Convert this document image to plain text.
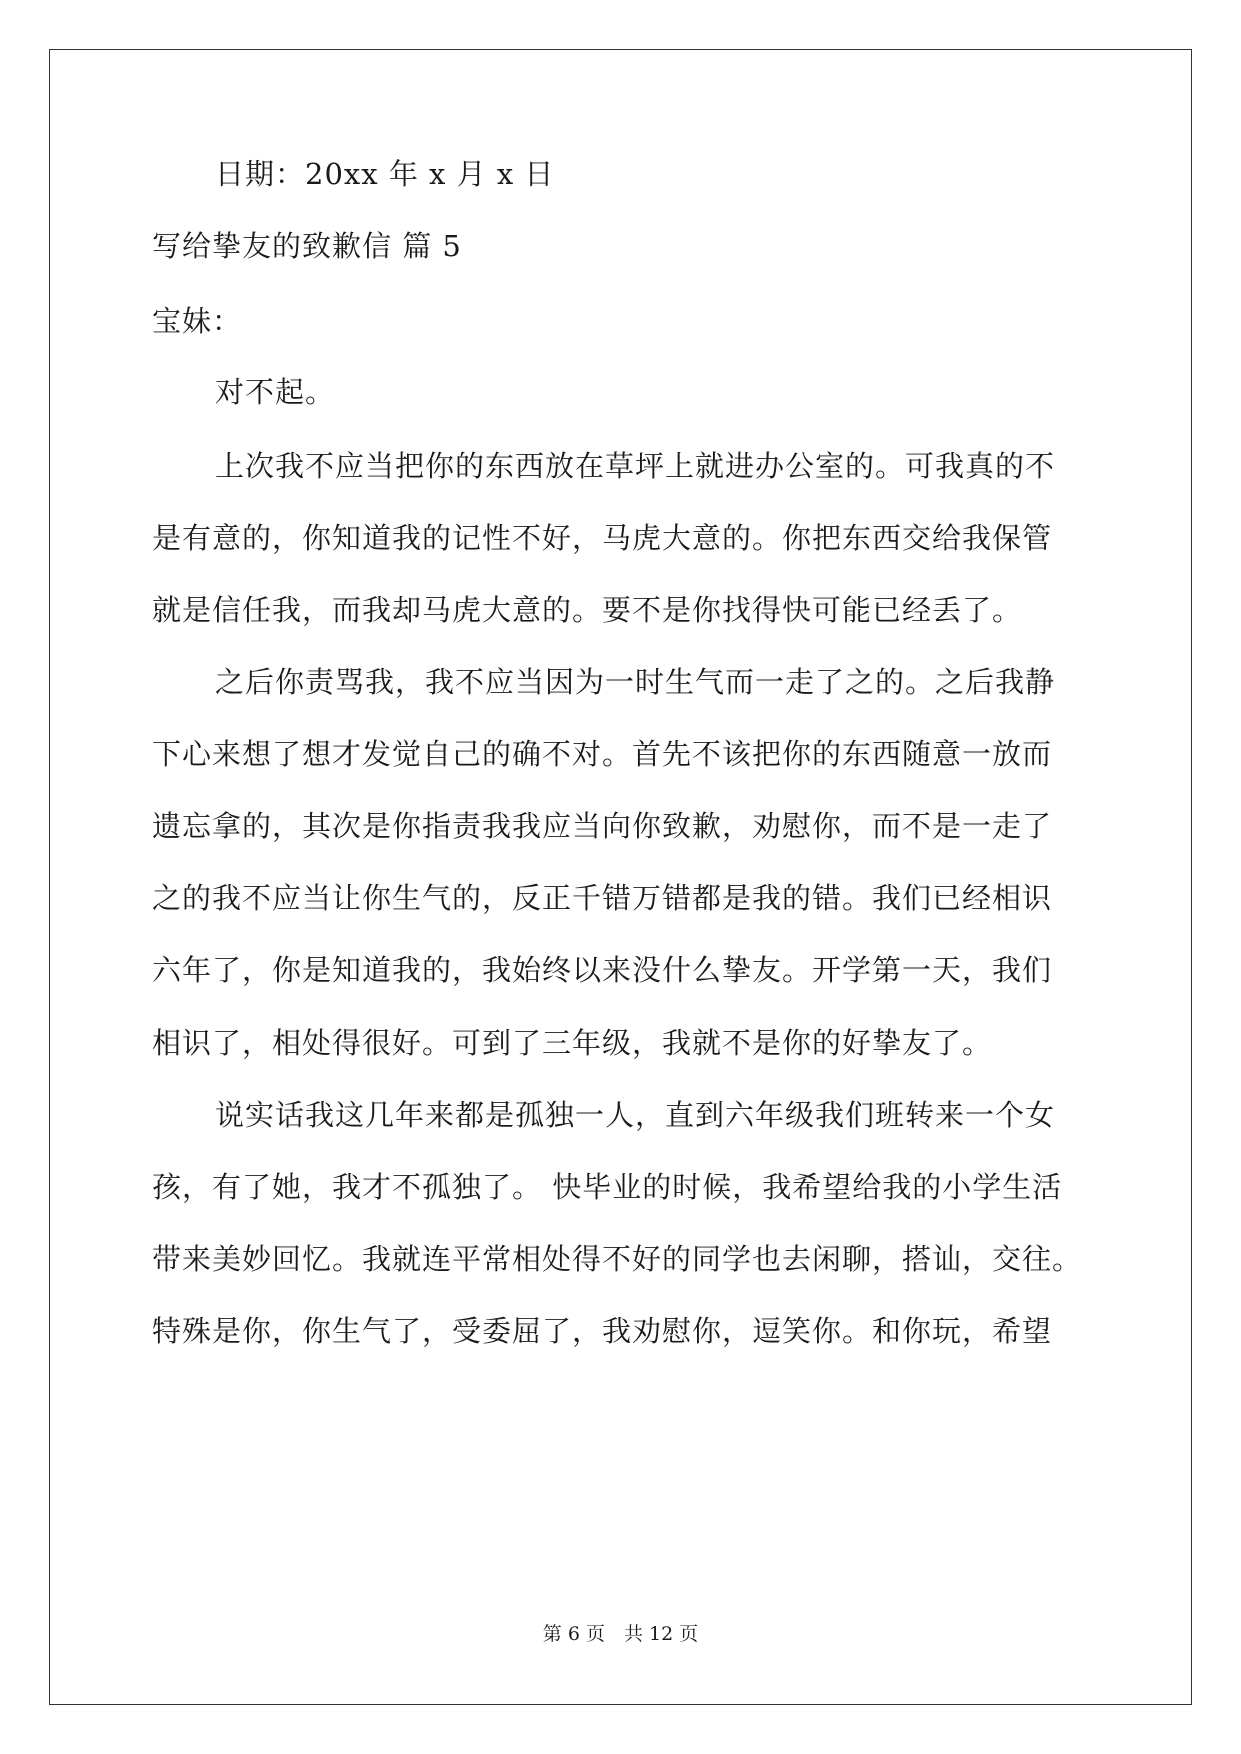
日期：20xx 年 x 月 x 日
写给挚友的致歉信 篇 5
宝妹：
对不起。
上次我不应当把你的东西放在草坪上就进办公室的。可我真的不
是有意的，你知道我的记性不好，马虎大意的。你把东西交给我保管
就是信任我，而我却马虎大意的。要不是你找得快可能已经丢了。
之后你责骂我，我不应当因为一时生气而一走了之的。之后我静
下心来想了想才发觉自己的确不对。首先不该把你的东西随意一放而
遗忘拿的，其次是你指责我我应当向你致歉，劝慰你，而不是一走了
之的我不应当让你生气的，反正千错万错都是我的错。我们已经相识
六年了，你是知道我的，我始终以来没什么挚友。开学第一天，我们
相识了，相处得很好。可到了三年级，我就不是你的好挚友了。
说实话我这几年来都是孤独一人，直到六年级我们班转来一个女
孩，有了她，我才不孤独了。 快毕业的时候，我希望给我的小学生活
带来美妙回忆。我就连平常相处得不好的同学也去闲聊，搭讪，交往。
特殊是你，你生气了，受委屈了，我劝慰你，逗笑你。和你玩，希望
第 6 页　共 12 页
